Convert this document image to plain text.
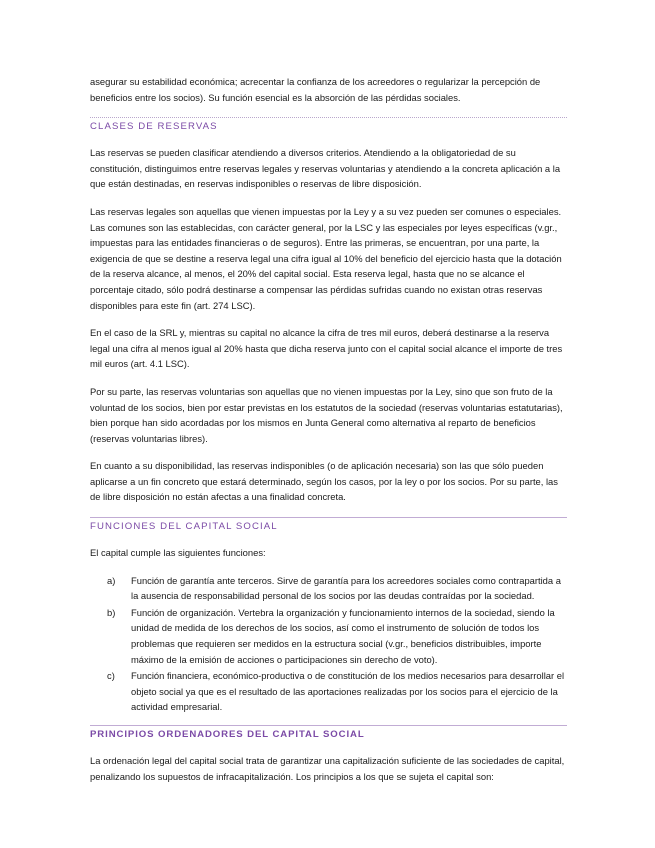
asegurar su estabilidad económica; acrecentar la confianza de los acreedores o regularizar la percepción de beneficios entre los socios). Su función esencial es la absorción de las pérdidas sociales.

CLASES DE RESERVAS

Las reservas se pueden clasificar atendiendo a diversos criterios. Atendiendo a la obligatoriedad de su constitución, distinguimos entre reservas legales y reservas voluntarias y atendiendo a la concreta aplicación a la que están destinadas, en reservas indisponibles o reservas de libre disposición.

Las reservas legales son aquellas que vienen impuestas por la Ley y a su vez pueden ser comunes o especiales. Las comunes son las establecidas, con carácter general, por la LSC y las especiales por leyes específicas (v.gr., impuestas para las entidades financieras o de seguros). Entre las primeras, se encuentran, por una parte, la exigencia de que se destine a reserva legal una cifra igual al 10% del beneficio del ejercicio hasta que la dotación de la reserva alcance, al menos, el 20% del capital social. Esta reserva legal, hasta que no se alcance el porcentaje citado, sólo podrá destinarse a compensar las pérdidas sufridas cuando no existan otras reservas disponibles para este fin (art. 274 LSC).

En el caso de la SRL y, mientras su capital no alcance la cifra de tres mil euros, deberá destinarse a la reserva legal una cifra al menos igual al 20% hasta que dicha reserva junto con el capital social alcance el importe de tres mil euros (art. 4.1 LSC).

Por su parte, las reservas voluntarias son aquellas que no vienen impuestas por la Ley, sino que son fruto de la voluntad de los socios, bien por estar previstas en los estatutos de la sociedad (reservas voluntarias estatutarias), bien porque han sido acordadas por los mismos en Junta General como alternativa al reparto de beneficios (reservas voluntarias libres).

En cuanto a su disponibilidad, las reservas indisponibles (o de aplicación necesaria) son las que sólo pueden aplicarse a un fin concreto que estará determinado, según los casos, por la ley o por los socios. Por su parte, las de libre disposición no están afectas a una finalidad concreta.

FUNCIONES DEL CAPITAL SOCIAL

El capital cumple las siguientes funciones:

a)	Función de garantía ante terceros. Sirve de garantía para los acreedores sociales como contrapartida a la ausencia de responsabilidad personal de los socios por las deudas contraídas por la sociedad.
b)	Función de organización. Vertebra la organización y funcionamiento internos de la sociedad, siendo la unidad de medida de los derechos de los socios, así como el instrumento de solución de todos los problemas que requieren ser medidos en la estructura social (v.gr., beneficios distribuibles, importe máximo de la emisión de acciones o participaciones sin derecho de voto).
c)	Función financiera, económico-productiva o de constitución de los medios necesarios para desarrollar el objeto social ya que es el resultado de las aportaciones realizadas por los socios para el ejercicio de la actividad empresarial.
PRINCIPIOS ORDENADORES DEL CAPITAL SOCIAL

La ordenación legal del capital social trata de garantizar una capitalización suficiente de las sociedades de capital, penalizando los supuestos de infracapitalización. Los principios a los que se sujeta el capital son:
